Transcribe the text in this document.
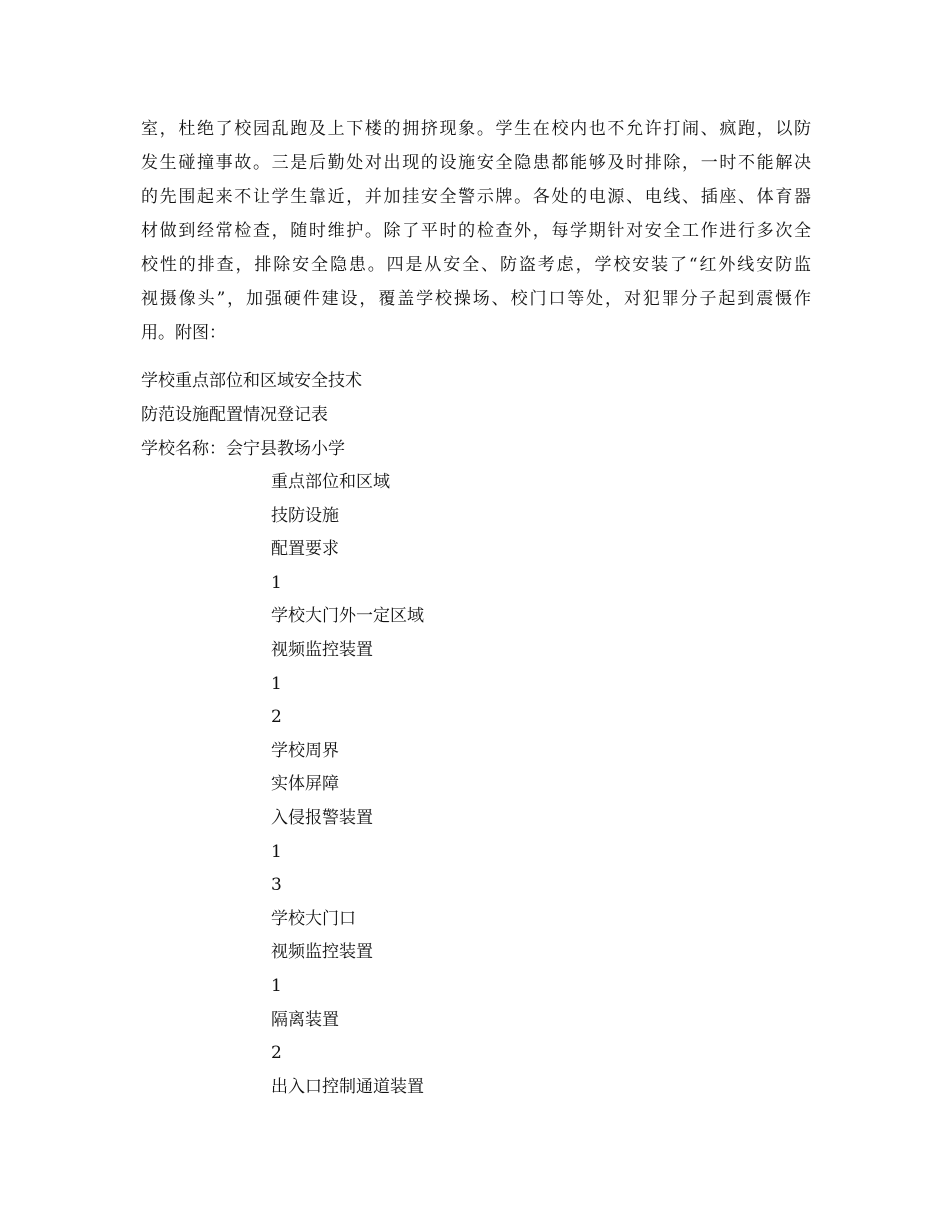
室，杜绝了校园乱跑及上下楼的拥挤现象。学生在校内也不允许打闹、疯跑，以防
发生碰撞事故。三是后勤处对出现的设施安全隐患都能够及时排除，一时不能解决
的先围起来不让学生靠近，并加挂安全警示牌。各处的电源、电线、插座、体育器
材做到经常检查，随时维护。除了平时的检查外，每学期针对安全工作进行多次全
校性的排查，排除安全隐患。四是从安全、防盗考虑，学校安装了“红外线安防监
视摄像头”，加强硬件建设，覆盖学校操场、校门口等处，对犯罪分子起到震慑作
用。附图：
学校重点部位和区域安全技术
防范设施配置情况登记表
学校名称：会宁县教场小学
重点部位和区域
技防设施
配置要求
1
学校大门外一定区域
视频监控装置
1
2
学校周界
实体屏障
入侵报警装置
1
3
学校大门口
视频监控装置
1
隔离装置
2
出入口控制通道装置
